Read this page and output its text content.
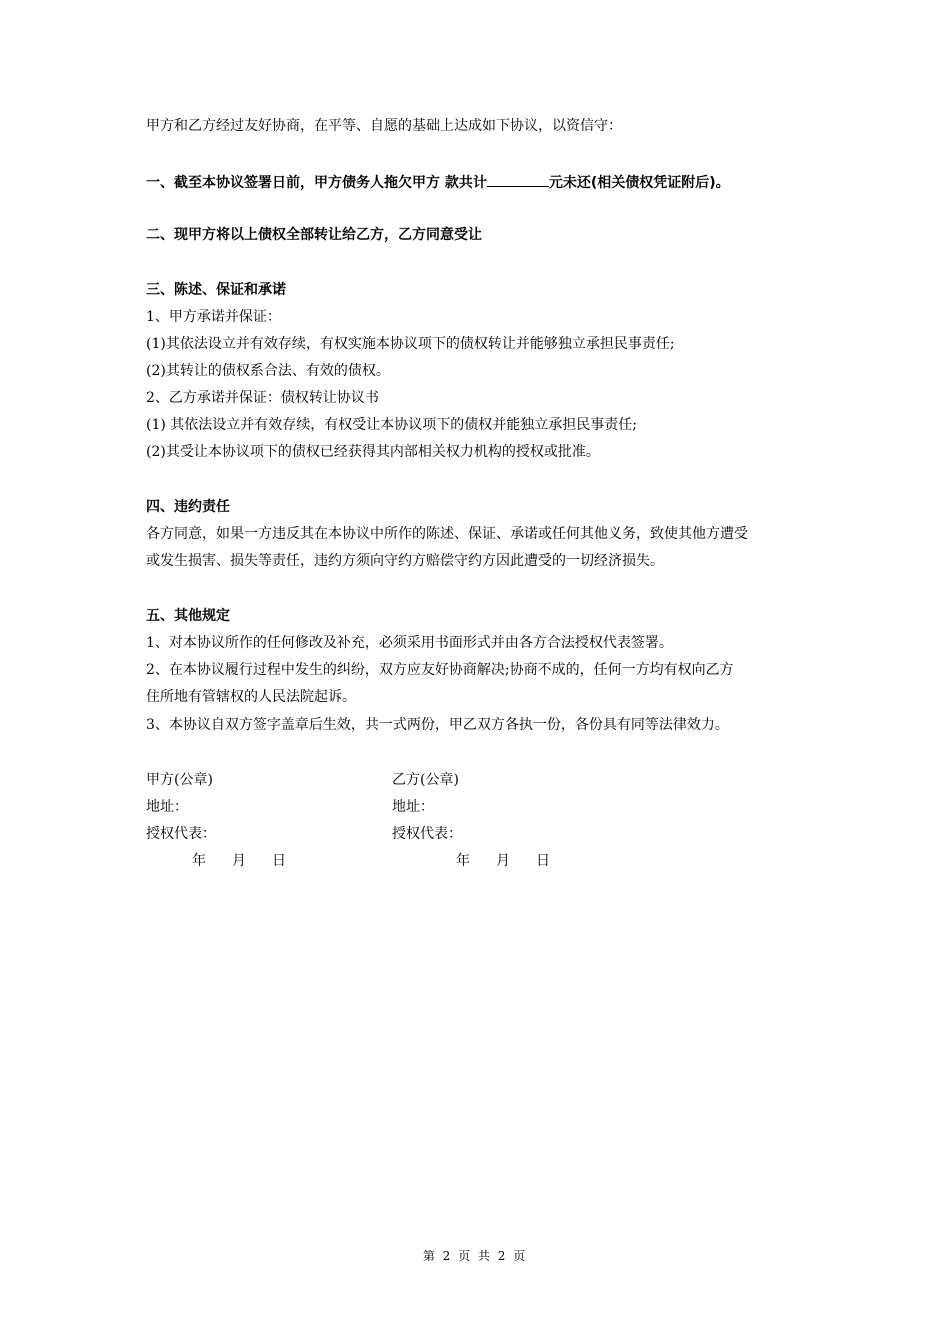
甲方和乙方经过友好协商，在平等、自愿的基础上达成如下协议，以资信守：
一、截至本协议签署日前，甲方债务人拖欠甲方 款共计	元未还(相关债权凭证附后)。
二、现甲方将以上债权全部转让给乙方，乙方同意受让
三、陈述、保证和承诺
1、甲方承诺并保证：
(1)其依法设立并有效存续，有权实施本协议项下的债权转让并能够独立承担民事责任;
(2)其转让的债权系合法、有效的债权。
2、乙方承诺并保证：债权转让协议书
(1) 其依法设立并有效存续，有权受让本协议项下的债权并能独立承担民事责任;
(2)其受让本协议项下的债权已经获得其内部相关权力机构的授权或批准。
四、违约责任
各方同意，如果一方违反其在本协议中所作的陈述、保证、承诺或任何其他义务，致使其他方遭受
或发生损害、损失等责任，违约方须向守约方赔偿守约方因此遭受的一切经济损失。
五、其他规定
1、对本协议所作的任何修改及补充，必须采用书面形式并由各方合法授权代表签署。
2、在本协议履行过程中发生的纠纷，双方应友好协商解决;协商不成的，任何一方均有权向乙方
住所地有管辖权的人民法院起诉。
3、本协议自双方签字盖章后生效，共一式两份，甲乙双方各执一份，各份具有同等法律效力。
甲方(公章)
地址：
授权代表：
年 月 日
乙方(公章)
地址：
授权代表：
年 月 日
第 2 页 共 2 页
